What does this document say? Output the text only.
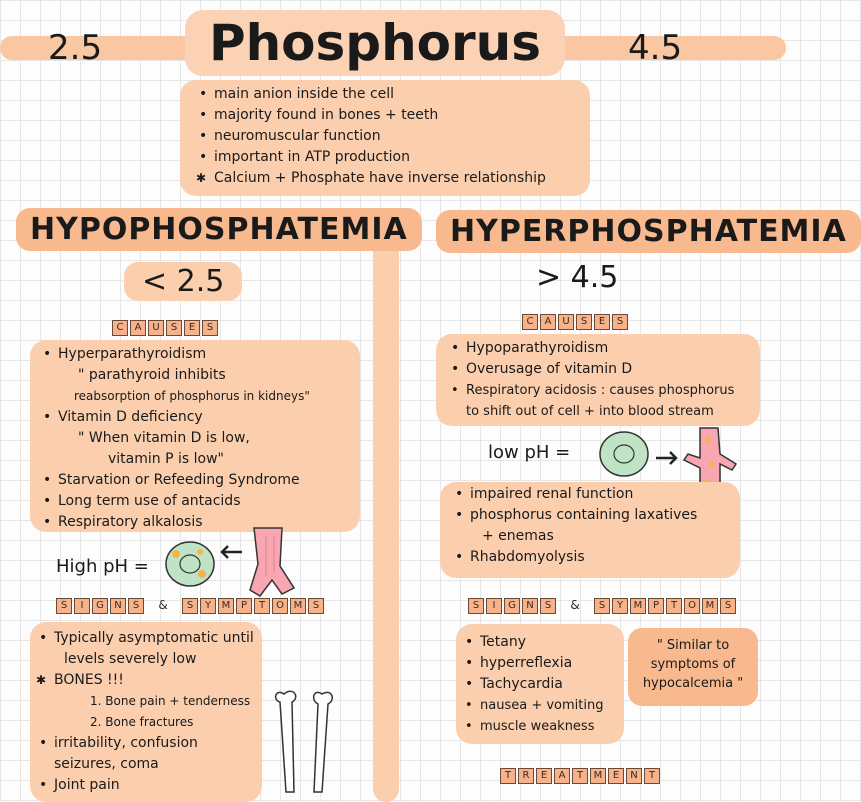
2.5	4.5
Phosphorus
• main anion inside the cell
• majority found in bones + teeth
• neuromuscular function
• important in ATP production
✱ Calcium + Phosphate have inverse relationship
HYPOPHOSPHATEMIA
< 2.5
C	A	U	S	E	S
• Hyperparathyroidism
" parathyroid inhibits
reabsorption of phosphorus in kidneys"
• Vitamin D deficiency
" When vitamin D is low,
vitamin P is low"
• Starvation or Refeeding Syndrome
• Long term use of antacids
• Respiratory alkalosis
High pH =
S	I	G	N	S	&	S	Y	M	P	T	O M	S
• Typically asymptomatic until
levels severely low
✱ BONES !!!
1. Bone pain + tenderness
2. Bone fractures
• irritability, confusion
seizures, coma
• Joint pain
HYPERPHOSPHATEMIA
> 4.5
C	A	U	S	E	S
• Hypoparathyroidism
• Overusage of vitamin D
• Respiratory acidosis : causes phosphorus
to shift out of cell + into blood stream
low pH =
• impaired renal function
• phosphorus containing laxatives
+ enemas
• Rhabdomyolysis
S	I	G	N	S	&	S	Y	M	P	T	O M	S
• Tetany
• hyperreflexia
• Tachycardia
• nausea + vomiting
• muscle weakness
" Similar to symptoms of hypocalcemia "
T	R	E	A	T	M	E	N	T
